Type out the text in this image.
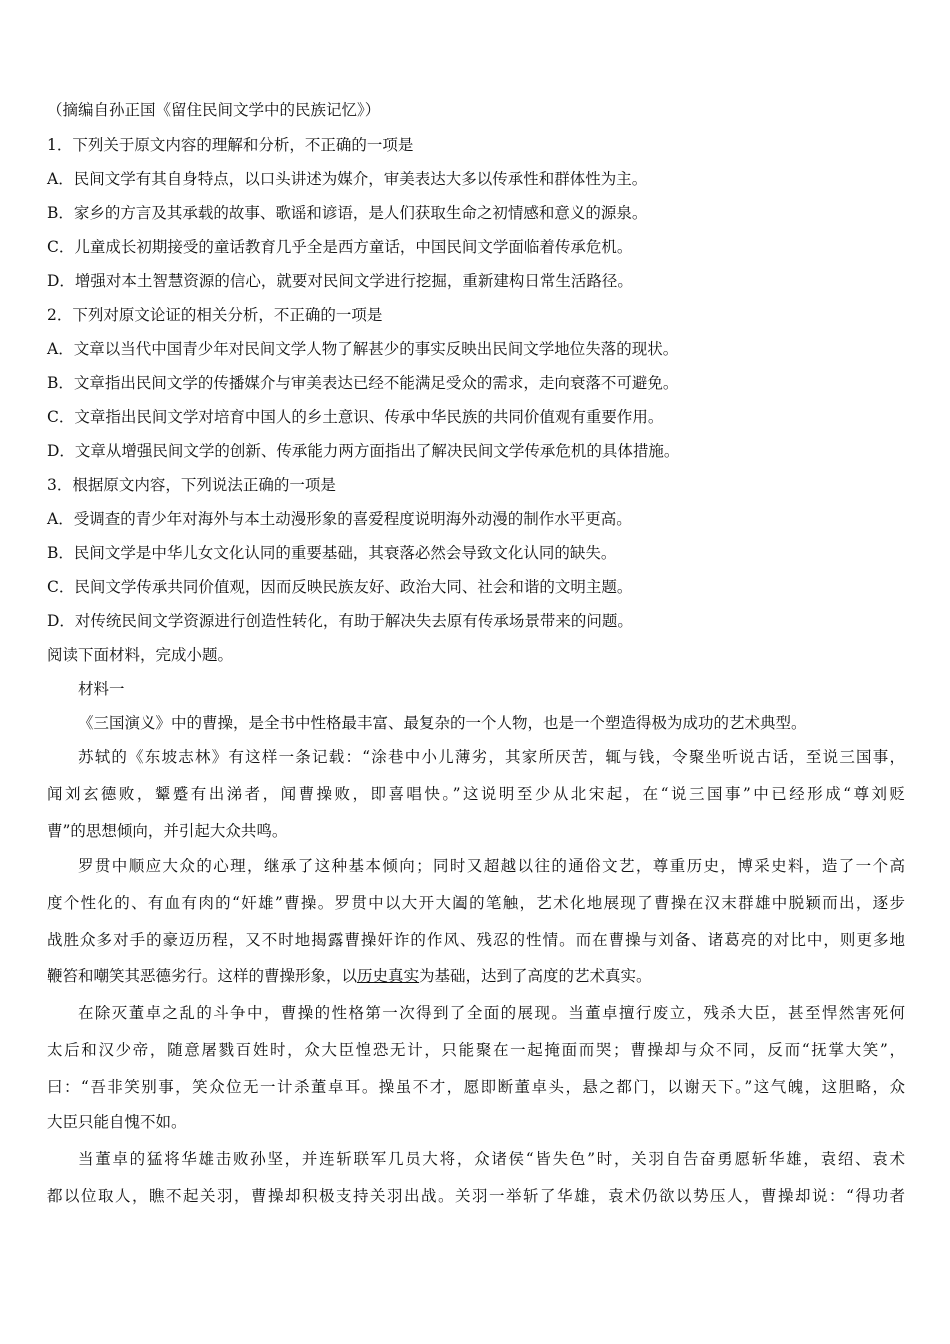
（摘编自孙正国《留住民间文学中的民族记忆》）
1．下列关于原文内容的理解和分析，不正确的一项是
A．民间文学有其自身特点，以口头讲述为媒介，审美表达大多以传承性和群体性为主。
B．家乡的方言及其承载的故事、歌谣和谚语，是人们获取生命之初情感和意义的源泉。
C．儿童成长初期接受的童话教育几乎全是西方童话，中国民间文学面临着传承危机。
D．增强对本土智慧资源的信心，就要对民间文学进行挖掘，重新建构日常生活路径。
2．下列对原文论证的相关分析，不正确的一项是
A．文章以当代中国青少年对民间文学人物了解甚少的事实反映出民间文学地位失落的现状。
B．文章指出民间文学的传播媒介与审美表达已经不能满足受众的需求，走向衰落不可避免。
C．文章指出民间文学对培育中国人的乡土意识、传承中华民族的共同价值观有重要作用。
D．文章从增强民间文学的创新、传承能力两方面指出了解决民间文学传承危机的具体措施。
3．根据原文内容，下列说法正确的一项是
A．受调查的青少年对海外与本土动漫形象的喜爱程度说明海外动漫的制作水平更高。
B．民间文学是中华儿女文化认同的重要基础，其衰落必然会导致文化认同的缺失。
C．民间文学传承共同价值观，因而反映民族友好、政治大同、社会和谐的文明主题。
D．对传统民间文学资源进行创造性转化，有助于解决失去原有传承场景带来的问题。
阅读下面材料，完成小题。
材料一
《三国演义》中的曹操，是全书中性格最丰富、最复杂的一个人物，也是一个塑造得极为成功的艺术典型。
苏轼的《东坡志林》有这样一条记载：“涂巷中小儿薄劣，其家所厌苦，辄与钱，令聚坐听说古话，至说三国事，
闻刘玄德败，颦蹙有出涕者，闻曹操败，即喜唱快。”这说明至少从北宋起，在“说三国事”中已经形成“尊刘贬
曹”的思想倾向，并引起大众共鸣。
罗贯中顺应大众的心理，继承了这种基本倾向；同时又超越以往的通俗文艺，尊重历史，博采史料，造了一个高
度个性化的、有血有肉的“奸雄”曹操。罗贯中以大开大阖的笔触，艺术化地展现了曹操在汉末群雄中脱颖而出，逐步
战胜众多对手的豪迈历程，又不时地揭露曹操奸诈的作风、残忍的性情。而在曹操与刘备、诸葛亮的对比中，则更多地
鞭笞和嘲笑其恶德劣行。这样的曹操形象，以历史真实为基础，达到了高度的艺术真实。
在除灭董卓之乱的斗争中，曹操的性格第一次得到了全面的展现。当董卓擅行废立，残杀大臣，甚至悍然害死何
太后和汉少帝，随意屠戮百姓时，众大臣惶恐无计，只能聚在一起掩面而哭；曹操却与众不同，反而“抚掌大笑”，
曰：“吾非笑别事，笑众位无一计杀董卓耳。操虽不才，愿即断董卓头，悬之都门，以谢天下。”这气魄，这胆略，众
大臣只能自愧不如。
当董卓的猛将华雄击败孙坚，并连斩联军几员大将，众诸侯“皆失色”时，关羽自告奋勇愿斩华雄，袁绍、袁术
都以位取人，瞧不起关羽，曹操却积极支持关羽出战。关羽一举斩了华雄，袁术仍欲以势压人，曹操却说：“得功者
